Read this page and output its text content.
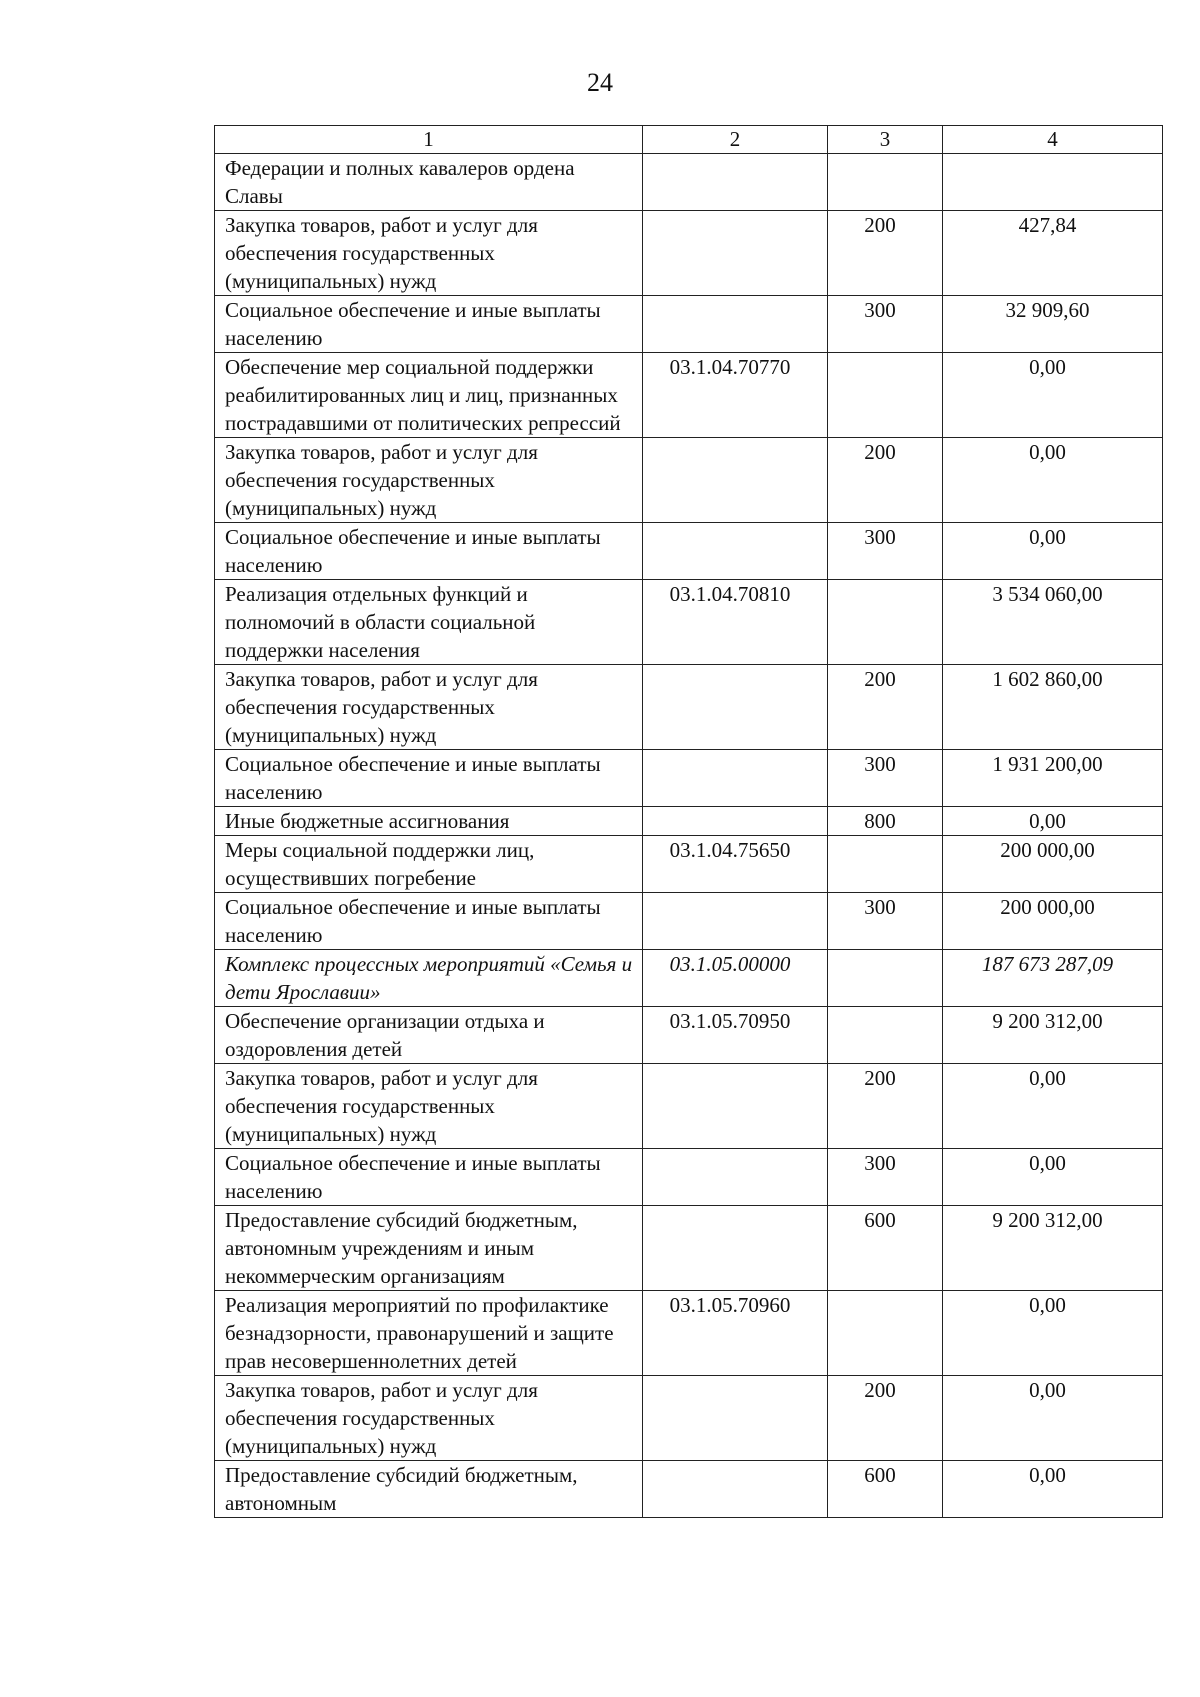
24
1	2	3	4
Федерации и полных кавалеров ордена Славы			
Закупка товаров, работ и услуг для обеспечения государственных (муниципальных) нужд		200	427,84
Социальное обеспечение и иные выплаты населению		300	32 909,60
Обеспечение мер социальной поддержки реабилитированных лиц и лиц, признанных пострадавшими от политических репрессий	03.1.04.70770		0,00
Закупка товаров, работ и услуг для обеспечения государственных (муниципальных) нужд		200	0,00
Социальное обеспечение и иные выплаты населению		300	0,00
Реализация отдельных функций и полномочий в области социальной поддержки населения	03.1.04.70810		3 534 060,00
Закупка товаров, работ и услуг для обеспечения государственных (муниципальных) нужд		200	1 602 860,00
Социальное обеспечение и иные выплаты населению		300	1 931 200,00
Иные бюджетные ассигнования		800	0,00
Меры социальной поддержки лиц, осуществивших погребение	03.1.04.75650		200 000,00
Социальное обеспечение и иные выплаты населению		300	200 000,00
Комплекс процессных мероприятий «Семья и дети Ярославии»	03.1.05.00000		187 673 287,09
Обеспечение организации отдыха и оздоровления детей	03.1.05.70950		9 200 312,00
Закупка товаров, работ и услуг для обеспечения государственных (муниципальных) нужд		200	0,00
Социальное обеспечение и иные выплаты населению		300	0,00
Предоставление субсидий бюджетным, автономным учреждениям и иным некоммерческим организациям		600	9 200 312,00
Реализация мероприятий по профилактике безнадзорности, правонарушений и защите прав несовершеннолетних детей	03.1.05.70960		0,00
Закупка товаров, работ и услуг для обеспечения государственных (муниципальных) нужд		200	0,00
Предоставление субсидий бюджетным, автономным		600	0,00
